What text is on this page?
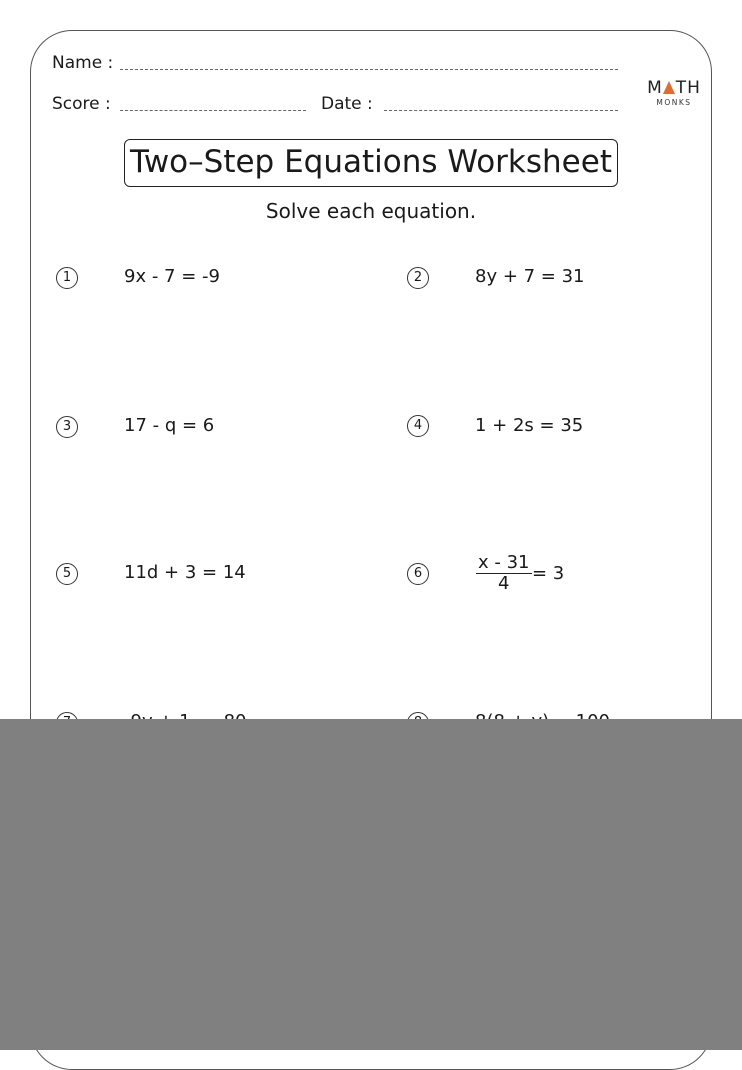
Name :
Score :	Date :
M TH
MONKS
Two–Step Equations Worksheet
Solve each equation.
1	9x - 7 = -9	2	8y + 7 = 31
3	17 - q = 6	4	1 + 2s = 35
5	11d + 3 = 14	6	$\frac{x - 31}{4} = 3$
